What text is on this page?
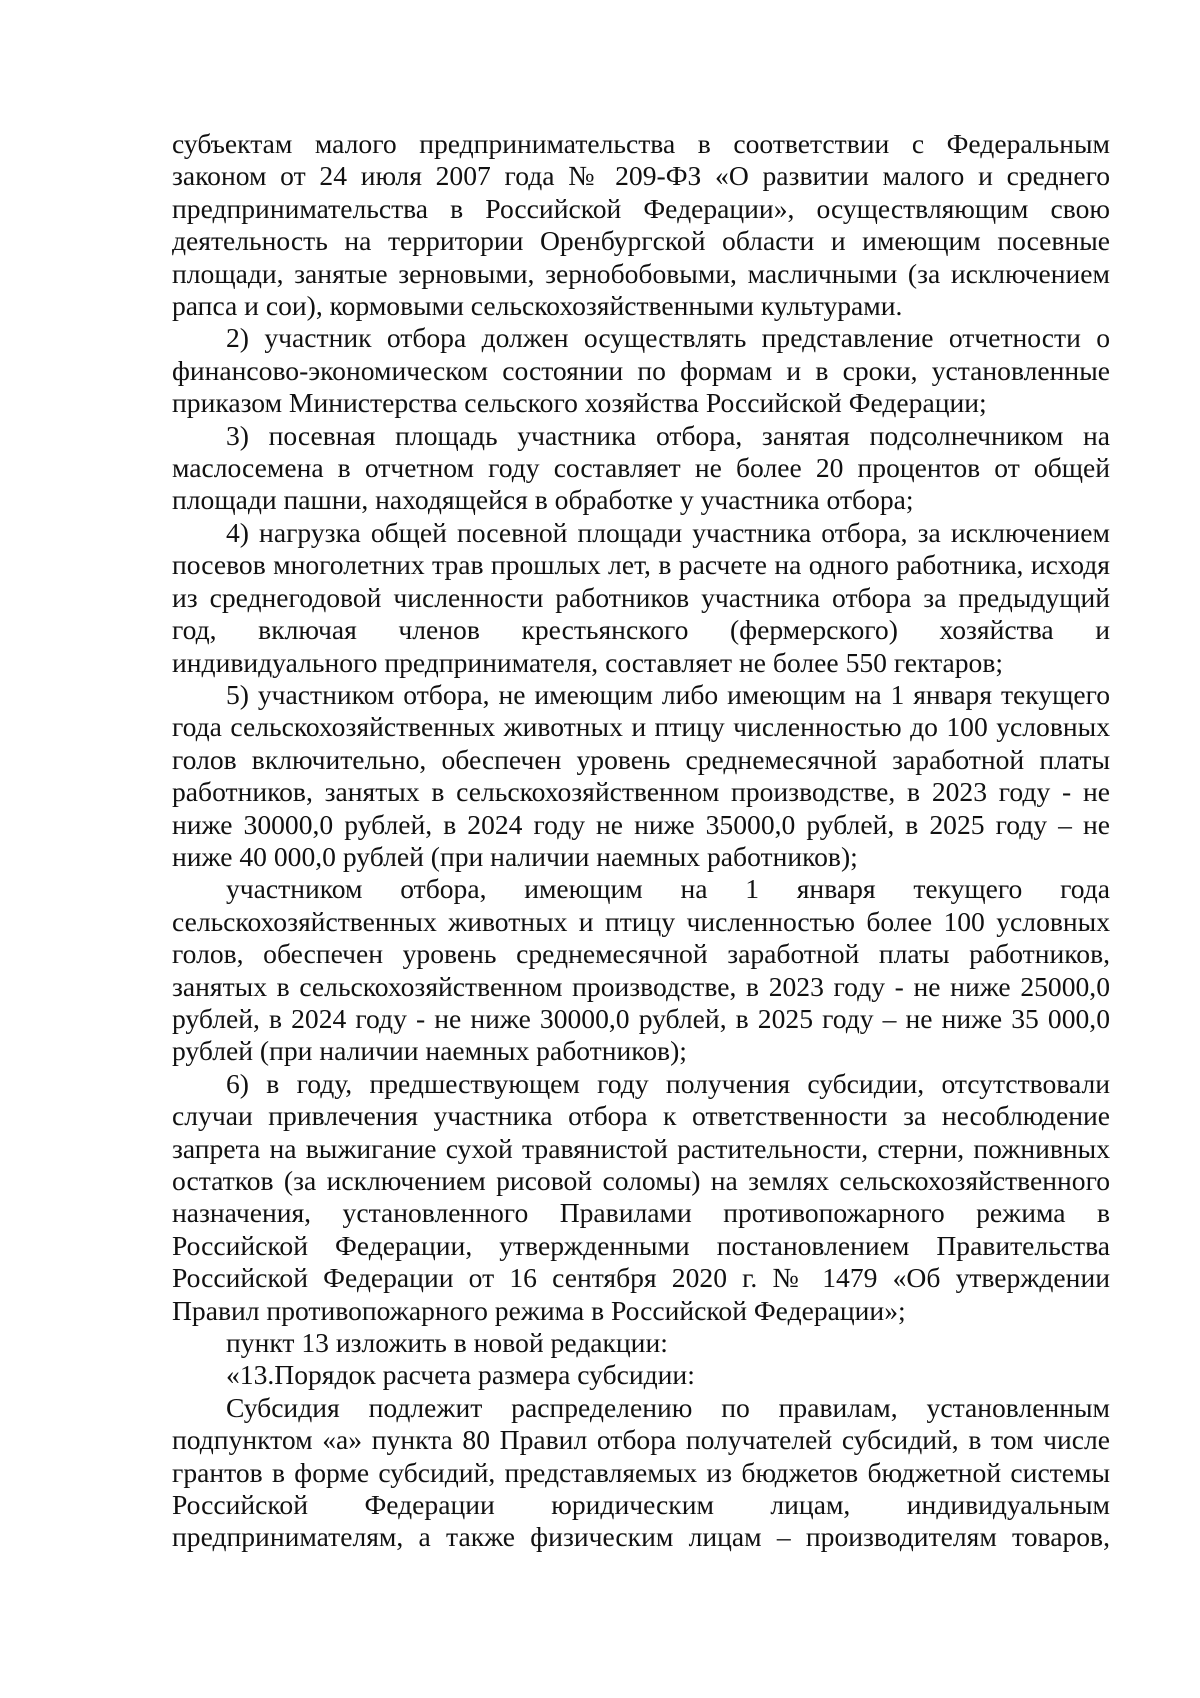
субъектам малого предпринимательства в соответствии с Федеральным законом от 24 июля 2007 года № 209-ФЗ «О развитии малого и среднего предпринимательства в Российской Федерации», осуществляющим свою деятельность на территории Оренбургской области и имеющим посевные площади, занятые зерновыми, зернобобовыми, масличными (за исключением рапса и сои), кормовыми сельскохозяйственными культурами.

2) участник отбора должен осуществлять представление отчетности о финансово-экономическом состоянии по формам и в сроки, установленные приказом Министерства сельского хозяйства Российской Федерации;

3) посевная площадь участника отбора, занятая подсолнечником на маслосемена в отчетном году составляет не более 20 процентов от общей площади пашни, находящейся в обработке у участника отбора;

4) нагрузка общей посевной площади участника отбора, за исключением посевов многолетних трав прошлых лет, в расчете на одного работника, исходя из среднегодовой численности работников участника отбора за предыдущий год, включая членов крестьянского (фермерского) хозяйства и индивидуального предпринимателя, составляет не более 550 гектаров;

5) участником отбора, не имеющим либо имеющим на 1 января текущего года сельскохозяйственных животных и птицу численностью до 100 условных голов включительно, обеспечен уровень среднемесячной заработной платы работников, занятых в сельскохозяйственном производстве, в 2023 году - не ниже 30000,0 рублей, в 2024 году не ниже 35000,0 рублей, в 2025 году – не ниже 40 000,0 рублей (при наличии наемных работников);

участником отбора, имеющим на 1 января текущего года сельскохозяйственных животных и птицу численностью более 100 условных голов, обеспечен уровень среднемесячной заработной платы работников, занятых в сельскохозяйственном производстве, в 2023 году - не ниже 25000,0 рублей, в 2024 году - не ниже 30000,0 рублей, в 2025 году – не ниже 35 000,0 рублей (при наличии наемных работников);

6) в году, предшествующем году получения субсидии, отсутствовали случаи привлечения участника отбора к ответственности за несоблюдение запрета на выжигание сухой травянистой растительности, стерни, пожнивных остатков (за исключением рисовой соломы) на землях сельскохозяйственного назначения, установленного Правилами противопожарного режима в Российской Федерации, утвержденными постановлением Правительства Российской Федерации от 16 сентября 2020 г. № 1479 «Об утверждении Правил противопожарного режима в Российской Федерации»;

пункт 13 изложить в новой редакции:

«13.Порядок расчета размера субсидии:

Субсидия подлежит распределению по правилам, установленным подпунктом «а» пункта 80 Правил отбора получателей субсидий, в том числе грантов в форме субсидий, представляемых из бюджетов бюджетной системы Российской Федерации юридическим лицам, индивидуальным предпринимателям, а также физическим лицам – производителям товаров,
